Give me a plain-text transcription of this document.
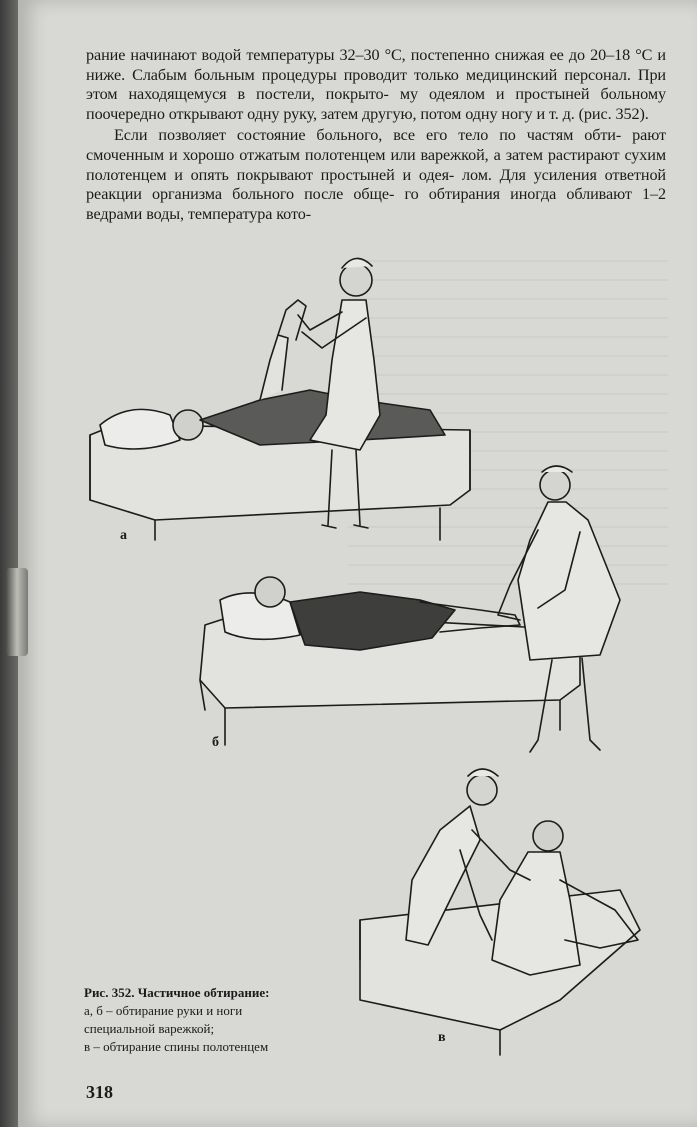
рание начинают водой температуры 32–30 °С, постепенно снижая ее до 20–18 °С и ниже. Слабым больным процедуры проводит только медицинский персонал. При этом находящемуся в постели, покрыто- му одеялом и простыней больному поочередно открывают одну руку, затем другую, потом одну ногу и т. д. (рис. 352).

Если позволяет состояние больного, все его тело по частям обти- рают смоченным и хорошо отжатым полотенцем или варежкой, а затем растирают сухим полотенцем и опять покрывают простыней и одея- лом. Для усиления ответной реакции организма больного после обще- го обтирания иногда обливают 1–2 ведрами воды, температура кото-

а
б
в
Рис. 352. Частичное обтирание:
а, б – обтирание руки и ноги
специальной варежкой;
в – обтирание спины полотенцем
318
